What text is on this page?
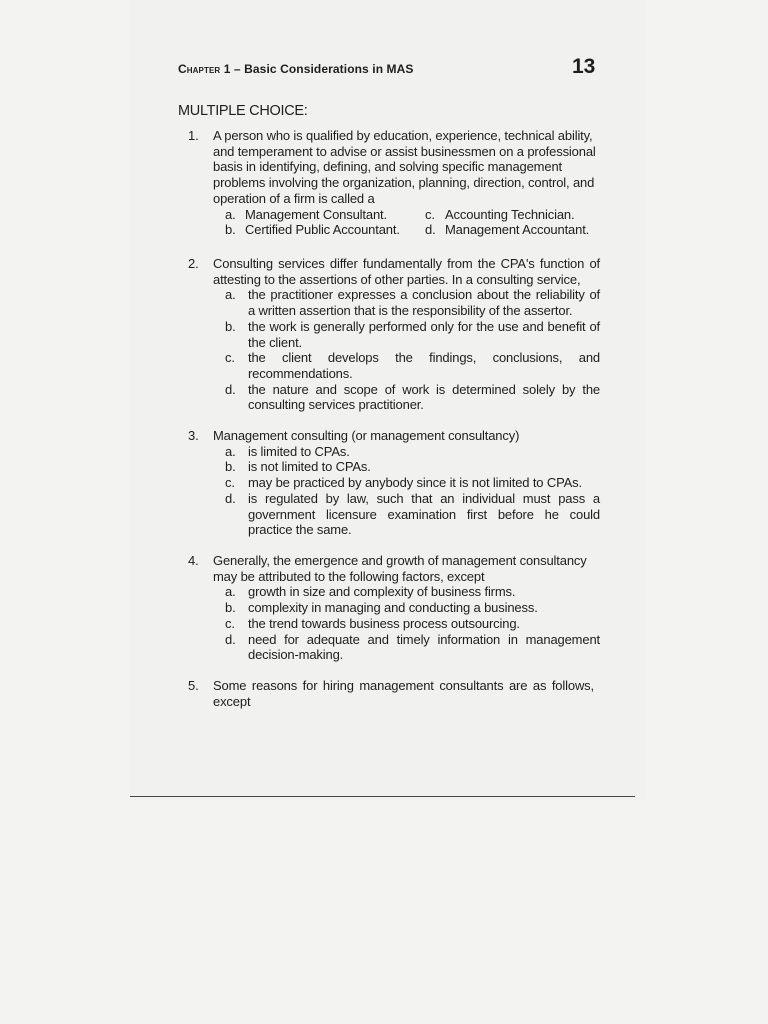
Chapter 1 – Basic Considerations in MAS	13
MULTIPLE CHOICE:
1.	A person who is qualified by education, experience, technical ability, and temperament to advise or assist businessmen on a professional basis in identifying, defining, and solving specific management problems involving the organization, planning, direction, control, and operation of a firm is called a
a. Management Consultant.	c. Accounting Technician.
b. Certified Public Accountant.	d. Management Accountant.
2.	Consulting services differ fundamentally from the CPA's function of attesting to the assertions of other parties. In a consulting service,
a. the practitioner expresses a conclusion about the reliability of a written assertion that is the responsibility of the assertor.
b. the work is generally performed only for the use and benefit of the client.
c.	the client develops the findings, conclusions, and recommendations.
d. the nature and scope of work is determined solely by the consulting services practitioner.
3.	Management consulting (or management consultancy)
a. is limited to CPAs.
b. is not limited to CPAs.
c.	may be practiced by anybody since it is not limited to CPAs.
d. is regulated by law, such that an individual must pass a government licensure examination first before he could practice the same.
4.	Generally, the emergence and growth of management consultancy may be attributed to the following factors, except
a. growth in size and complexity of business firms.
b. complexity in managing and conducting a business.
c.	the trend towards business process outsourcing.
d. need for adequate and timely information in management decision-making.
5.	Some reasons for hiring management consultants are as follows, except
